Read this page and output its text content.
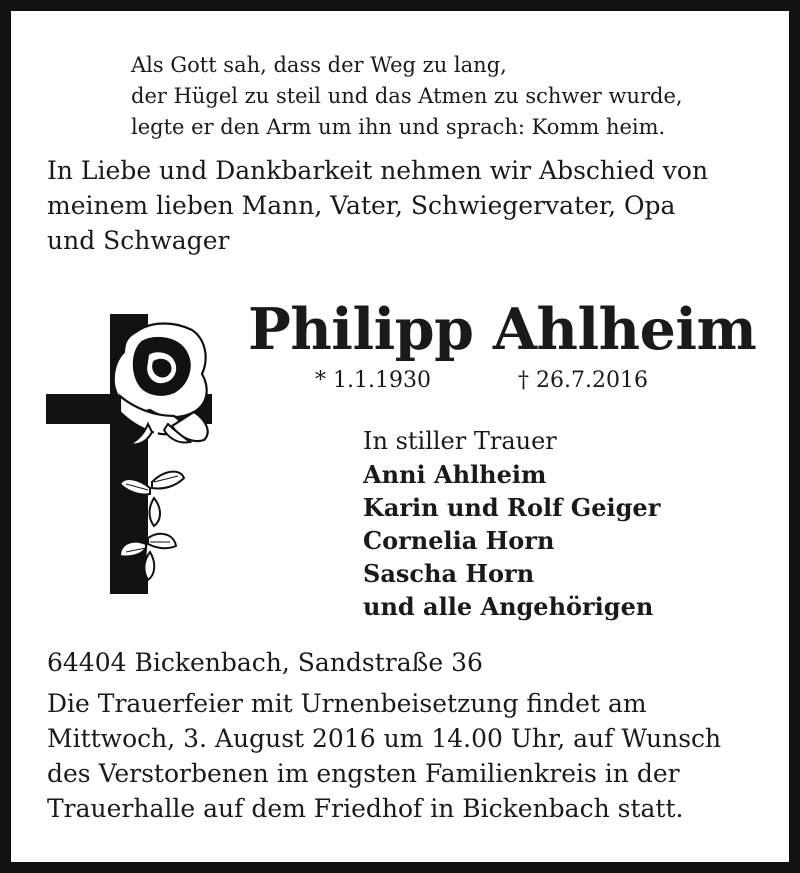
Als Gott sah, dass der Weg zu lang,
der Hügel zu steil und das Atmen zu schwer wurde,
legte er den Arm um ihn und sprach: Komm heim.
In Liebe und Dankbarkeit nehmen wir Abschied von
meinem lieben Mann, Vater, Schwiegervater, Opa
und Schwager
Philipp Ahlheim
* 1.1.1930	† 26.7.2016
In stiller Trauer
Anni Ahlheim
Karin und Rolf Geiger
Cornelia Horn
Sascha Horn
und alle Angehörigen
64404 Bickenbach, Sandstraße 36
Die Trauerfeier mit Urnenbeisetzung findet am
Mittwoch, 3. August 2016 um 14.00 Uhr, auf Wunsch
des Verstorbenen im engsten Familienkreis in der
Trauerhalle auf dem Friedhof in Bickenbach statt.
